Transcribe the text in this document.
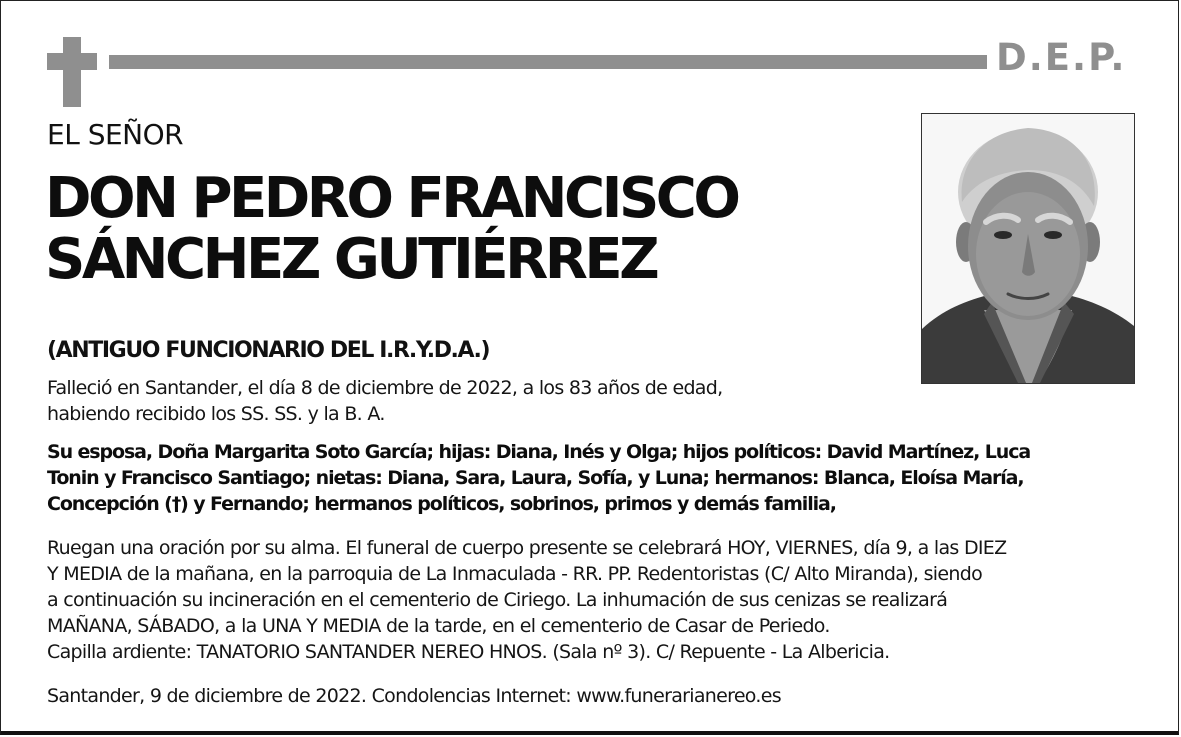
D.E.P.
EL SEÑOR
DON PEDRO FRANCISCO
SÁNCHEZ GUTIÉRREZ
(ANTIGUO FUNCIONARIO DEL I.R.Y.D.A.)
Falleció en Santander, el día 8 de diciembre de 2022, a los 83 años de edad,
habiendo recibido los SS. SS. y la B. A.
Su esposa, Doña Margarita Soto García; hijas: Diana, Inés y Olga; hijos políticos: David Martínez, Luca
Tonin y Francisco Santiago; nietas: Diana, Sara, Laura, Sofía, y Luna; hermanos: Blanca, Eloísa María,
Concepción (†) y Fernando; hermanos políticos, sobrinos, primos y demás familia,
Ruegan una oración por su alma. El funeral de cuerpo presente se celebrará HOY, VIERNES, día 9, a las DIEZ
Y MEDIA de la mañana, en la parroquia de La Inmaculada - RR. PP. Redentoristas (C/ Alto Miranda), siendo
a continuación su incineración en el cementerio de Ciriego. La inhumación de sus cenizas se realizará
MAÑANA, SÁBADO, a la UNA Y MEDIA de la tarde, en el cementerio de Casar de Periedo.
Capilla ardiente: TANATORIO SANTANDER NEREO HNOS. (Sala nº 3). C/ Repuente - La Albericia.
Santander, 9 de diciembre de 2022. Condolencias Internet: www.funerarianereo.es
